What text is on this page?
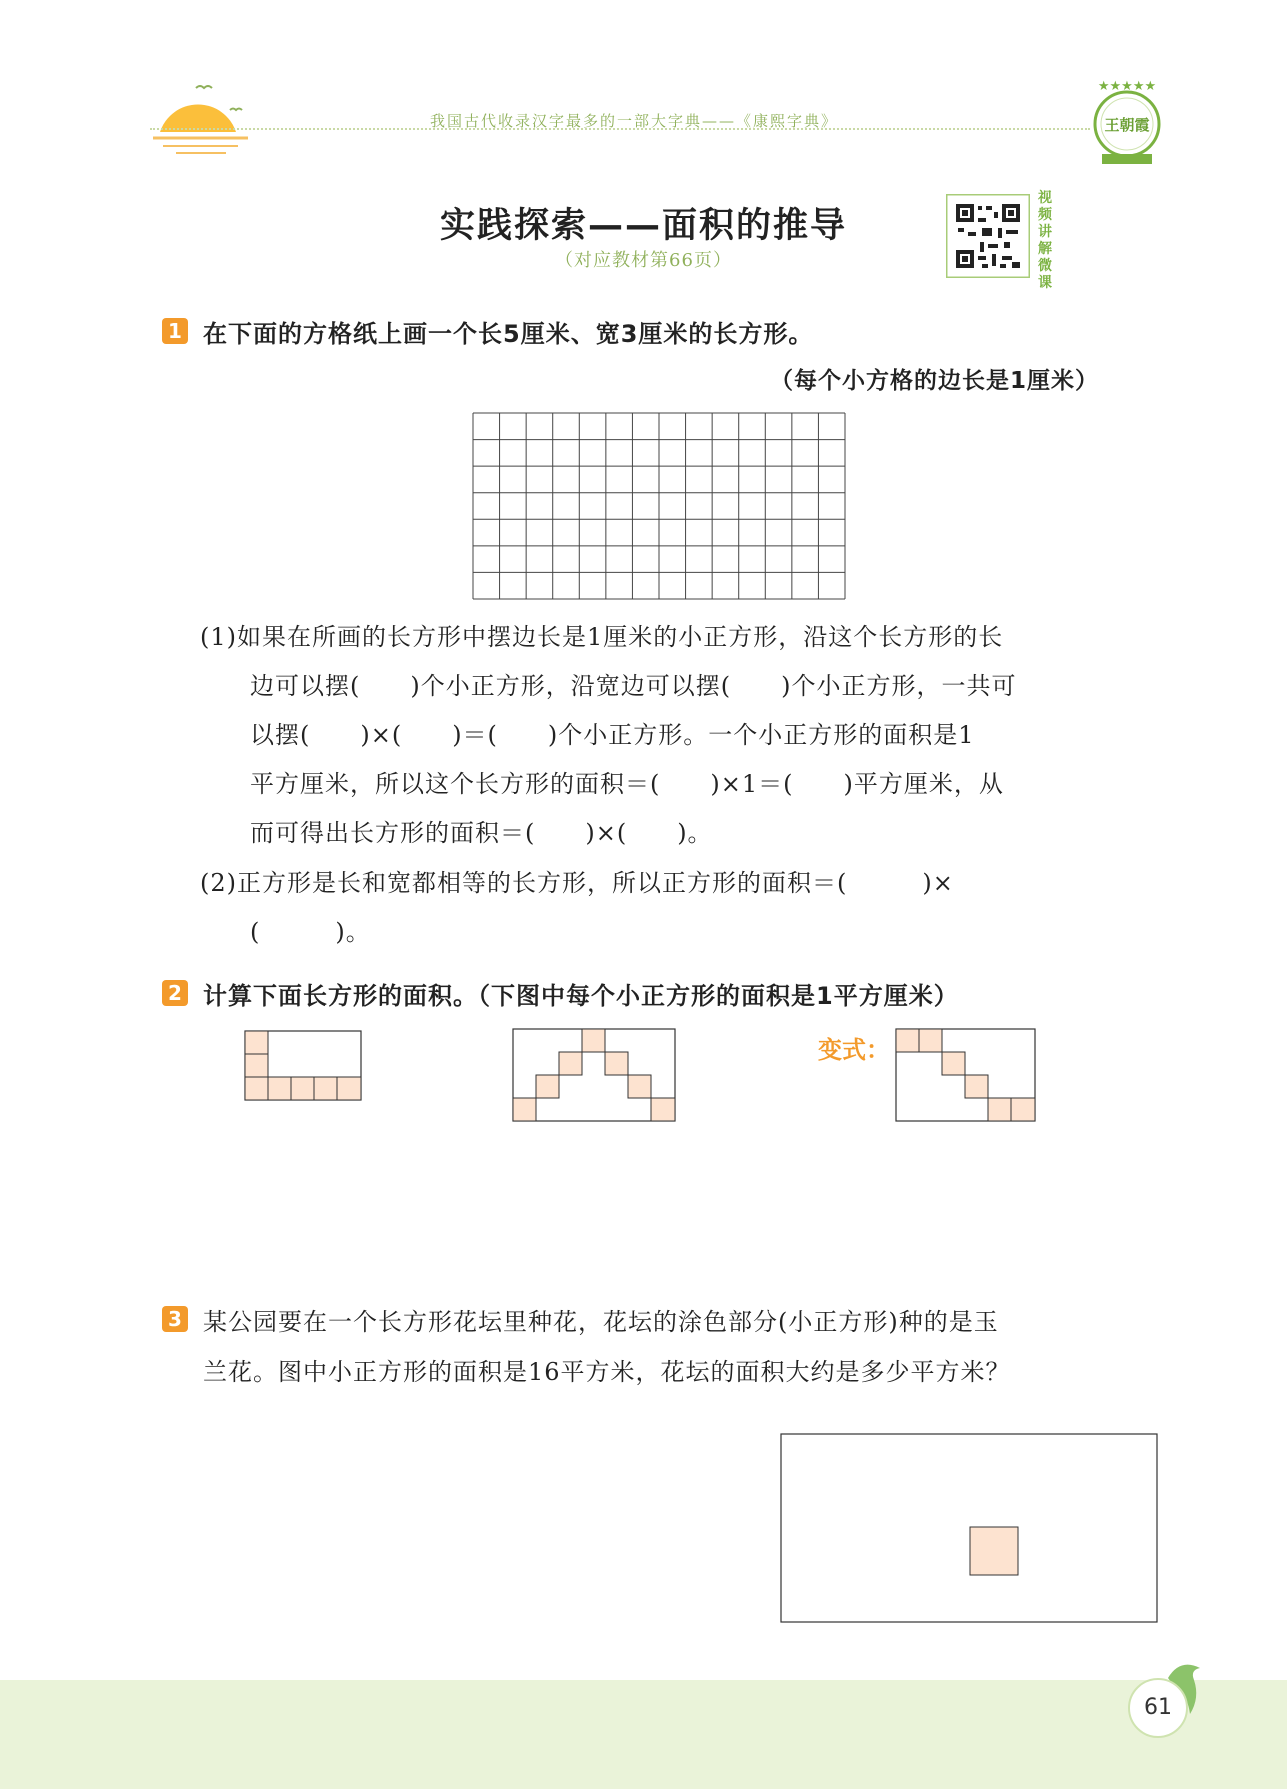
我国古代收录汉字最多的一部大字典——《康熙字典》
★★★★★
王朝霞
实践探索——面积的推导
（对应教材第66页）
视频讲解微课
1 在下面的方格纸上画一个长5厘米、宽3厘米的长方形。
（每个小方格的边长是1厘米）
(1)如果在所画的长方形中摆边长是1厘米的小正方形，沿这个长方形的长
边可以摆(　　)个小正方形，沿宽边可以摆(　　)个小正方形，一共可
以摆(　　)×(　　)＝(　　)个小正方形。一个小正方形的面积是1
平方厘米，所以这个长方形的面积＝(　　)×1＝(　　)平方厘米，从
而可得出长方形的面积＝(　　)×(　　)。
(2)正方形是长和宽都相等的长方形，所以正方形的面积＝(　　　)×
(　　　)。
2 计算下面长方形的面积。（下图中每个小正方形的面积是1平方厘米）
变式：
3 某公园要在一个长方形花坛里种花，花坛的涂色部分(小正方形)种的是玉
兰花。图中小正方形的面积是16平方米，花坛的面积大约是多少平方米？
61
